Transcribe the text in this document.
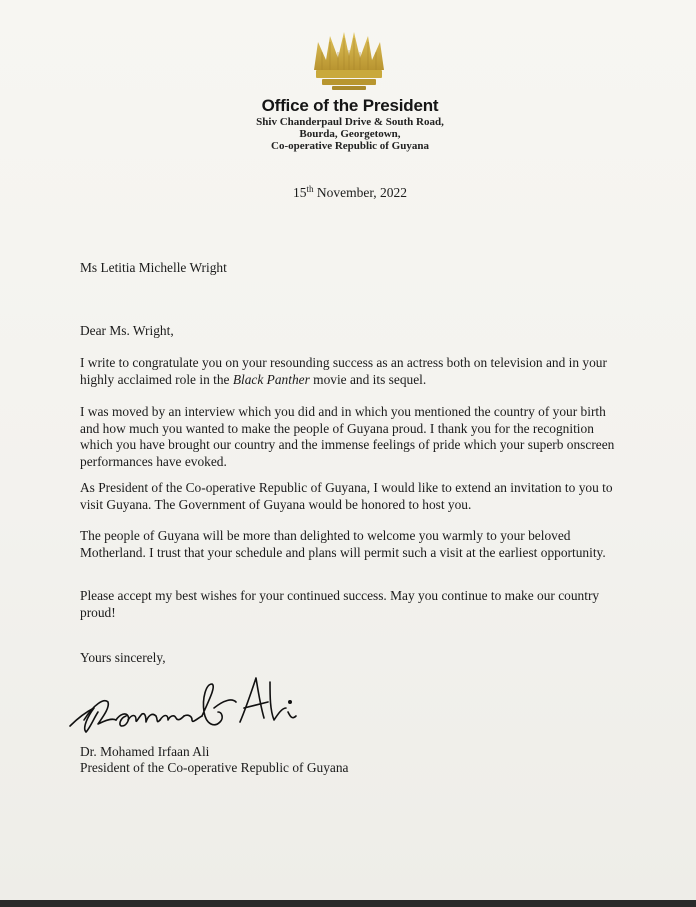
Office of the President
Shiv Chanderpaul Drive & South Road,
Bourda, Georgetown,
Co-operative Republic of Guyana
15th November, 2022
Ms Letitia Michelle Wright
Dear Ms. Wright,
I write to congratulate you on your resounding success as an actress both on television and in your highly acclaimed role in the Black Panther movie and its sequel.
I was moved by an interview which you did and in which you mentioned the country of your birth and how much you wanted to make the people of Guyana proud. I thank you for the recognition which you have brought our country and the immense feelings of pride which your superb onscreen performances have evoked.
As President of the Co-operative Republic of Guyana, I would like to extend an invitation to you to visit Guyana. The Government of Guyana would be honored to host you.
The people of Guyana will be more than delighted to welcome you warmly to your beloved Motherland. I trust that your schedule and plans will permit such a visit at the earliest opportunity.
Please accept my best wishes for your continued success. May you continue to make our country proud!
Yours sincerely,
Dr. Mohamed Irfaan Ali
President of the Co-operative Republic of Guyana
